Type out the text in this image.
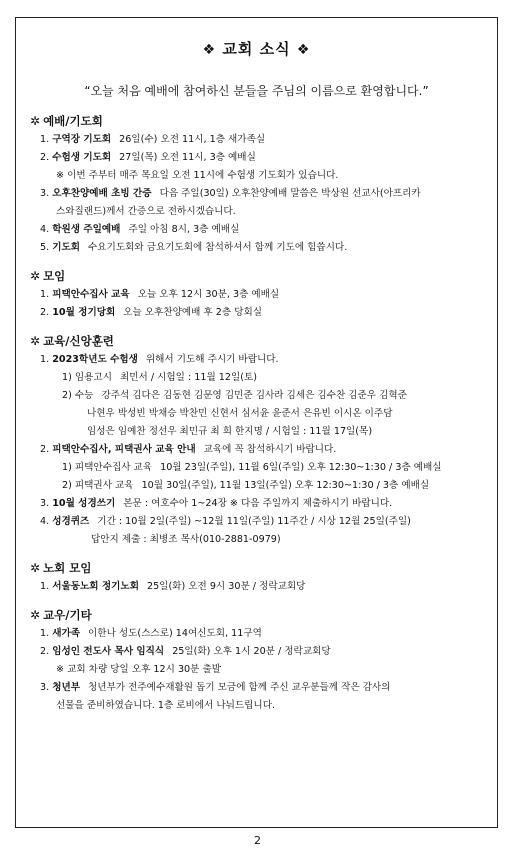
❖ 교회 소식 ❖
“오늘 처음 예배에 참여하신 분들을 주님의 이름으로 환영합니다.”
✲ 예배/기도회
1. 구역장 기도회 26일(수) 오전 11시, 1층 새가족실
2. 수험생 기도회 27일(목) 오전 11시, 3층 예배실
※ 이번 주부터 매주 목요일 오전 11시에 수험생 기도회가 있습니다.
3. 오후찬양예배 초빙 간증 다음 주일(30일) 오후찬양예배 말씀은 박상원 선교사(아프리카
스와질랜드)께서 간증으로 전하시겠습니다.
4. 학원생 주일예배 주일 아침 8시, 3층 예배실
5. 기도회 수요기도회와 금요기도회에 참석하셔서 함께 기도에 힘씁시다.
✲ 모임
1. 피택안수집사 교육 오늘 오후 12시 30분, 3층 예배실
2. 10월 정기당회 오늘 오후찬양예배 후 2층 당회실
✲ 교육/신앙훈련
1. 2023학년도 수험생 위해서 기도해 주시기 바랍니다.
1) 임용고시 최민서 / 시험일 : 11월 12일(토)
2) 수능 강주석 김다은 김동현 김문영 김민준 김사라 김세은 김수찬 김준우 김혁준
나현우 박성빈 박채승 박찬민 신현서 심서윤 윤준서 은유빈 이시온 이주담
임성은 임예찬 정선우 최민규 최 희 한지명 / 시험일 : 11월 17일(목)
2. 피택안수집사, 피택권사 교육 안내 교육에 꼭 참석하시기 바랍니다.
1) 피택안수집사 교육 10월 23일(주일), 11월 6일(주일) 오후 12:30~1:30 / 3층 예배실
2) 피택권사 교육 10월 30일(주일), 11월 13일(주일) 오후 12:30~1:30 / 3층 예배실
3. 10월 성경쓰기 본문 : 여호수아 1~24장 ※ 다음 주일까지 제출하시기 바랍니다.
4. 성경퀴즈 기간 : 10월 2일(주일) ~12월 11일(주일) 11주간 / 시상 12월 25일(주일)
답안지 제출 : 최병조 목사(010-2881-0979)
✲ 노회 모임
1. 서울동노회 정기노회 25일(화) 오전 9시 30분 / 정락교회당
✲ 교우/기타
1. 새가족 이한나 성도(스스로) 14여신도회, 11구역
2. 임성인 전도사 목사 임직식 25일(화) 오후 1시 20분 / 정락교회당
※ 교회 차량 당일 오후 12시 30분 출발
3. 청년부 청년부가 전주예수재활원 돕기 모금에 함께 주신 교우분들께 작은 감사의
선물을 준비하였습니다. 1층 로비에서 나눠드립니다.
2
